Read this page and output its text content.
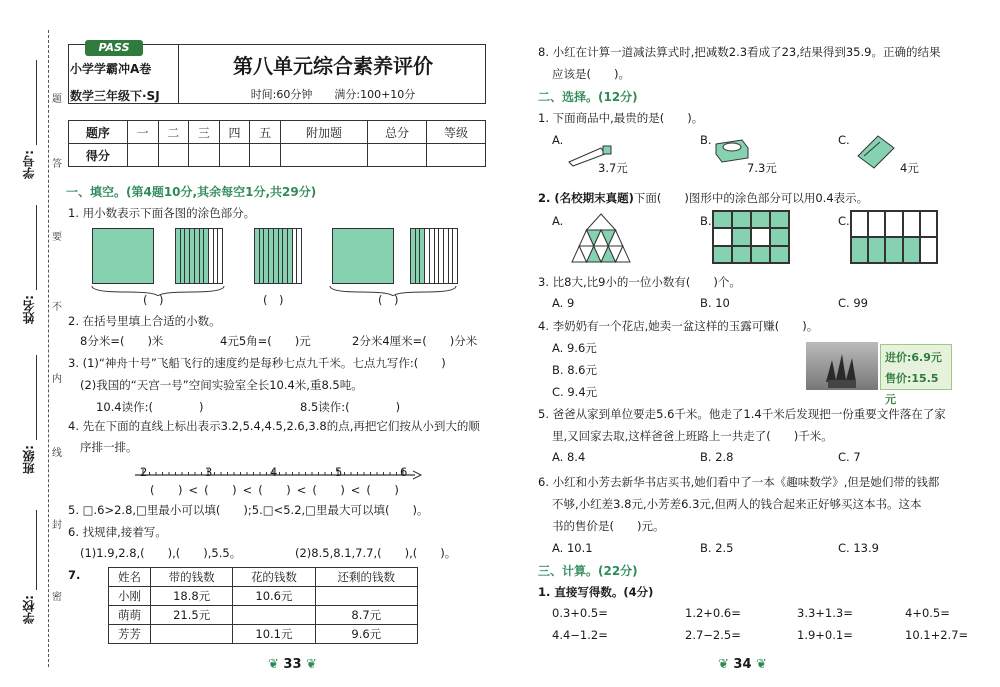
学号:
姓名:
班级:
学校:
题
答
要
不
内
线
封
密
PASS
小学学霸冲A卷
数学三年级下·SJ
第八单元综合素养评价
时间:60分钟　　 满分:100+10分
题序	一	二	三	四	五	附加题	总分	等级
得分								
一、填空。(第4题10分,其余每空1分,共29分)
1. 用小数表示下面各图的涂色部分。
(　)	(　)	(　)
2. 在括号里填上合适的小数。
8分米=(　　)米	4元5角=(　　)元	2分米4厘米=(　　)分米
3. (1)“神舟十号”飞船飞行的速度约是每秒七点九千米。七点九写作:(　　)
(2)我国的“天宫一号”空间实验室全长10.4米,重8.5吨。
10.4读作:(　　　　)	8.5读作:(　　　　)
4. 先在下面的直线上标出表示3.2,5.4,4.5,2.6,3.8的点,再把它们按从小到大的顺
序排一排。
2	3	4	5	6
(　)<(　)<(　)<(　)<(　)
5. □.6>2.8,□里最小可以填(　　);5.□<5.2,□里最大可以填(　　)。
6. 找规律,接着写。
(1)1.9,2.8,(　　),(　　),5.5。	(2)8.5,8.1,7.7,(　　),(　　)。
7.	姓名	带的钱数	花的钱数	还剩的钱数
小刚	18.8元	10.6元	
萌萌	21.5元		8.7元
芳芳		10.1元	9.6元
❦ 33 ❦
8. 小红在计算一道减法算式时,把减数2.3看成了23,结果得到35.9。正确的结果
应该是(　　)。
二、选择。(12分)
1. 下面商品中,最贵的是(　　)。
A.	B.	C.
3.7元	7.3元	4元
2. (名校期末真题)下面(　　)图形中的涂色部分可以用0.4表示。
A.	B.	C.
3. 比8大,比9小的一位小数有(　　)个。
A. 9	B. 10	C. 99
4. 李奶奶有一个花店,她卖一盆这样的玉露可赚(　　)。
A. 9.6元
B. 8.6元
C. 9.4元
进价:6.9元
售价:15.5元
5. 爸爸从家到单位要走5.6千米。他走了1.4千米后发现把一份重要文件落在了家
里,又回家去取,这样爸爸上班路上一共走了(　　)千米。
A. 8.4	B. 2.8	C. 7
6. 小红和小芳去新华书店买书,她们看中了一本《趣味数学》,但是她们带的钱都
不够,小红差3.8元,小芳差6.3元,但两人的钱合起来正好够买这本书。这本
书的售价是(　　)元。
A. 10.1	B. 2.5	C. 13.9
三、计算。(22分)
1. 直接写得数。(4分)
0.3+0.5=	1.2+0.6=	3.3+1.3=	4+0.5=
4.4−1.2=	2.7−2.5=	1.9+0.1=	10.1+2.7=
❦ 34 ❦
